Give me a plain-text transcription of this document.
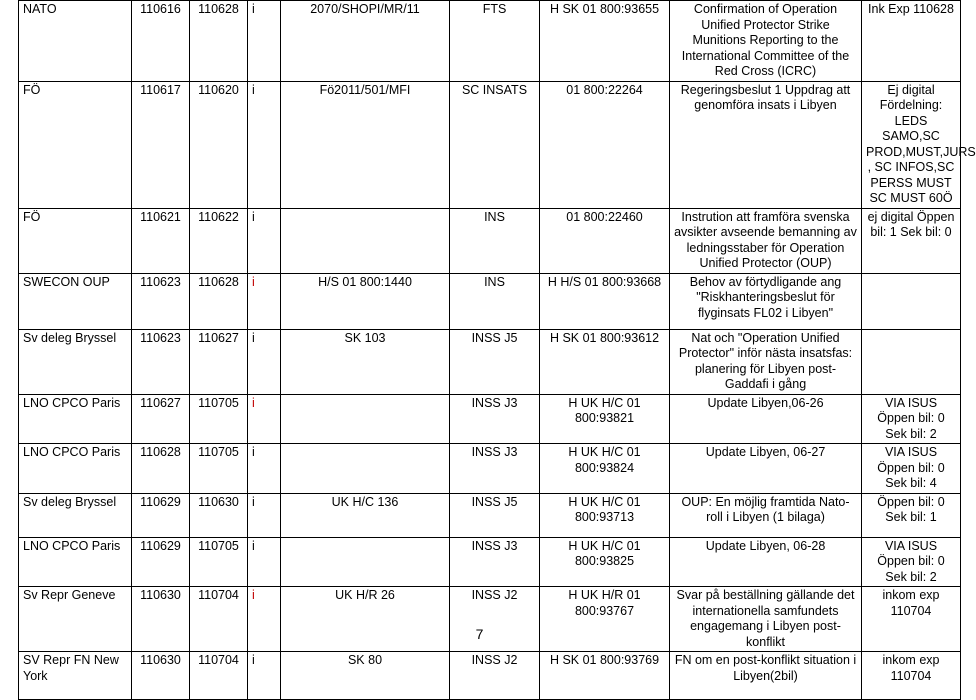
NATO	110616	110628	i	2070/SHOPI/MR/11	FTS	H SK 01 800:93655	Confirmation of Operation Unified Protector Strike Munitions Reporting to the International Committee of the Red Cross (ICRC)	Ink Exp 110628
FÖ	110617	110620	i	Fö2011/501/MFI	SC INSATS	01 800:22264	Regeringsbeslut 1 Uppdrag att genomföra insats i Libyen	Ej digital Fördelning: LEDS SAMO,SC PROD,MUST,JURS , SC INFOS,SC PERSS MUST SC MUST 60Ö
FÖ	110621	110622	i		INS	01 800:22460	Instrution att framföra svenska avsikter avseende bemanning av ledningsstaber för Operation Unified Protector (OUP)	ej digital Öppen bil: 1 Sek bil: 0
SWECON OUP	110623	110628	i	H/S 01 800:1440	INS	H H/S 01 800:93668	Behov av förtydligande ang "Riskhanteringsbeslut för flyginsats FL02 i Libyen"	
Sv deleg Bryssel	110623	110627	i	SK 103	INSS J5	H SK 01 800:93612	Nat och "Operation Unified Protector" inför nästa insatsfas: planering för Libyen post-Gaddafi i gång	
LNO CPCO Paris	110627	110705	i		INSS J3	H UK H/C 01 800:93821	Update Libyen,06-26	VIA ISUS Öppen bil: 0 Sek bil: 2
LNO CPCO Paris	110628	110705	i		INSS J3	H UK H/C 01 800:93824	Update Libyen, 06-27	VIA ISUS Öppen bil: 0 Sek bil: 4
Sv deleg Bryssel	110629	110630	i	UK H/C 136	INSS J5	H UK H/C 01 800:93713	OUP: En möjlig framtida Nato-roll i Libyen (1 bilaga)	Öppen bil: 0 Sek bil: 1
LNO CPCO Paris	110629	110705	i		INSS J3	H UK H/C 01 800:93825	Update Libyen, 06-28	VIA ISUS Öppen bil: 0 Sek bil: 2
Sv Repr Geneve	110630	110704	i	UK H/R 26	INSS J2	H UK H/R 01 800:93767	Svar på beställning gällande det internationella samfundets engagemang i Libyen post-konflikt	inkom exp 110704
SV Repr FN New York	110630	110704	i	SK 80	INSS J2	H SK 01 800:93769	FN om en post-konflikt situation i Libyen(2bil)	inkom exp 110704
7
